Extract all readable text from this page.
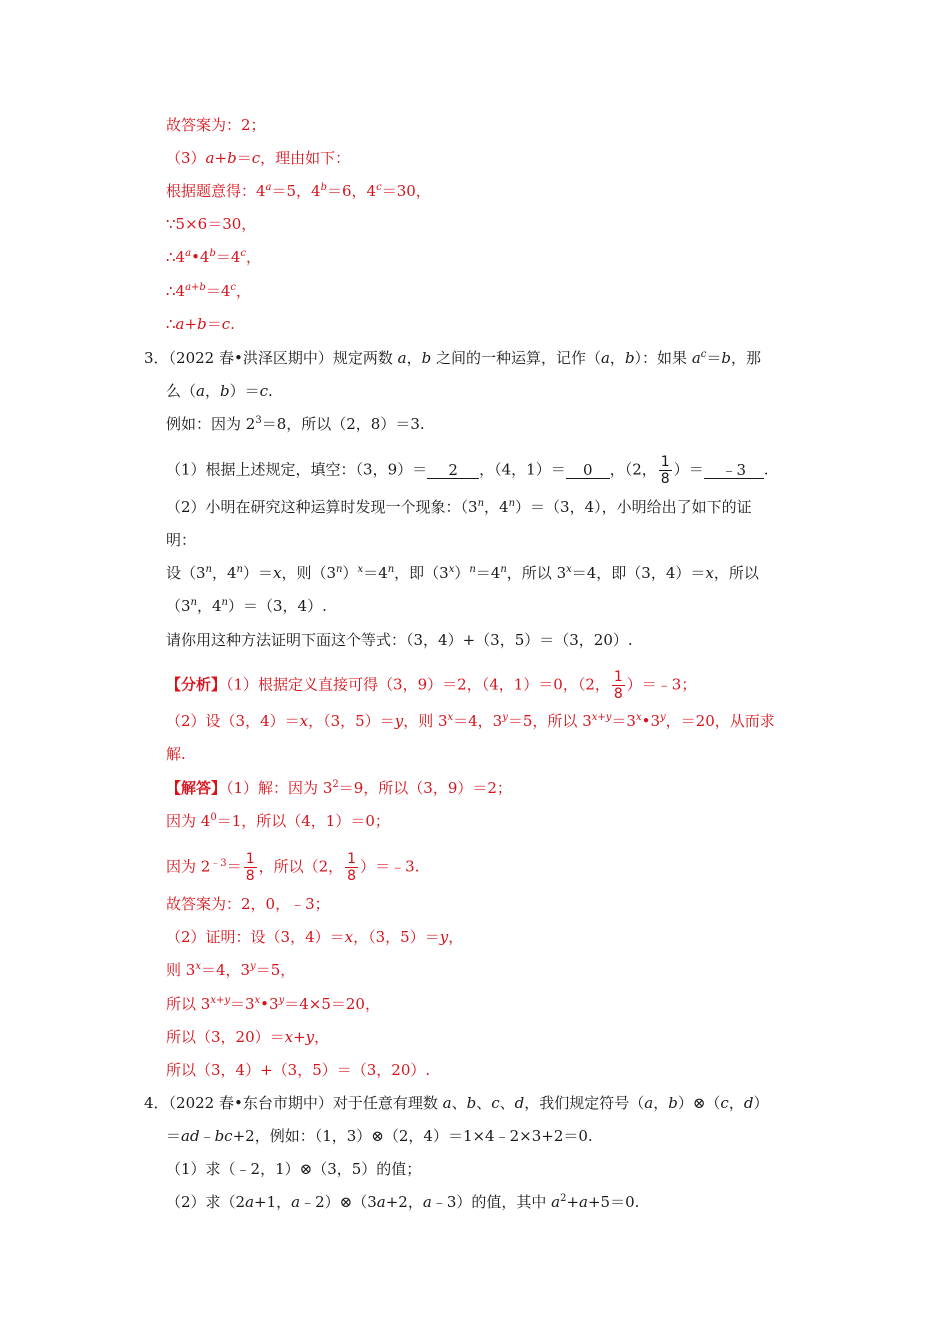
故答案为：2；
（3）a+b＝c，理由如下：
根据题意得：$4^a=5$，$4^b=6$，$4^c=30$，
∵5×6＝30，
$\therefore 4^a•4^b=4^c$，
$\therefore 4^{a+b}=4^c$，
∴a+b＝c.
3．（2022 春•洪泽区期中）规定两数 a，b 之间的一种运算，记作（a，b）：如果 $a^c=b$，那
么（a，b）＝c.
例如：因为 $2^3=8$，所以（2，8）＝3.
（1）根据上述规定，填空：（3，9）＝ 2 ，（4，1）＝ 0 ，（2， $\frac{1}{8}$ ）＝ ﹣3 .
（2）小明在研究这种运算时发现一个现象：（3$^n$，$4^n)=(3$，4），小明给出了如下的证
明：
设（3$^n$，$4^n)=x$，则$(3^n)^x=4^n$，即$(3^x)^n=4^n$，所以 $3^x=4$，即（3，4）＝x，所以
（3$^n$，$4^n)=(3$，4）.
请你用这种方法证明下面这个等式：（3，4）+（3，5）＝（3，20）.
【分析】（1）根据定义直接可得（3，9）＝2，（4，1）＝0，（2， $\frac{1}{8}$ ）＝﹣3；
（2）设（3，4）＝x，（3，5）＝y，则 $3^x=4$，$3^y=5$，所以 $3^{x+y}=3^x•3^y$，＝20，从而求
解.
【解答】（1）解：因为 $3^2=9$，所以（3，9）＝2；
因为 $4^0=1$，所以（4，1）＝0；
因为 $2^{﹣3}= \frac{1}{8}$ ，所以（2， $\frac{1}{8}$ ）＝﹣3.
故答案为：2，0，﹣3；
（2）证明：设（3，4）＝x，（3，5）＝y，
则 $3^x=4$，$3^y=5$，
所以 $3^{x+y}=3^x•3^y=4\times 5=20$，
所以（3，20）＝x+y，
所以（3，4）+（3，5）＝（3，20）.
4．（2022 春•东台市期中）对于任意有理数 a、b、c、d，我们规定符号（a，b）⊗（c，d）
＝ad﹣bc+2，例如：（1，3）⊗（2，4）＝1×4﹣2×3+2＝0.
（1）求（﹣2，1）⊗（3，5）的值；
（2）求（2a+1，a﹣2）⊗（3a+2，a﹣3）的值，其中 $a^2+a+5=0$.
